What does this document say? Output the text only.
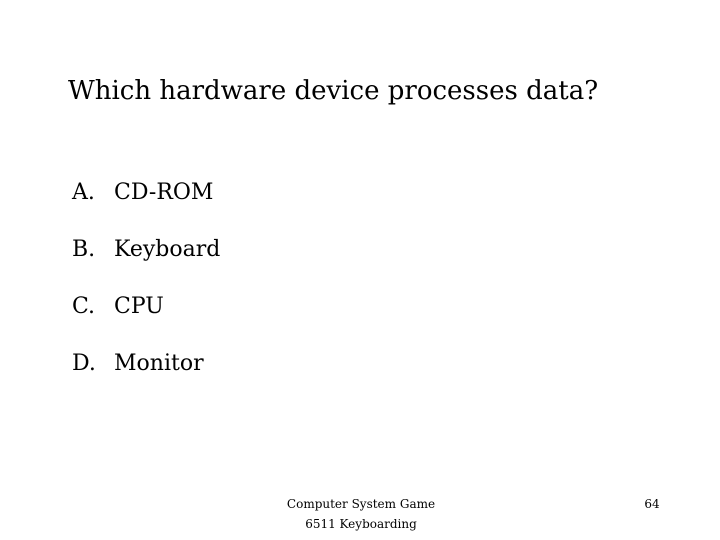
Which hardware device processes data?
A. CD-ROM
B. Keyboard
C. CPU
D. Monitor
Computer System Game
6511 Keyboarding
64
